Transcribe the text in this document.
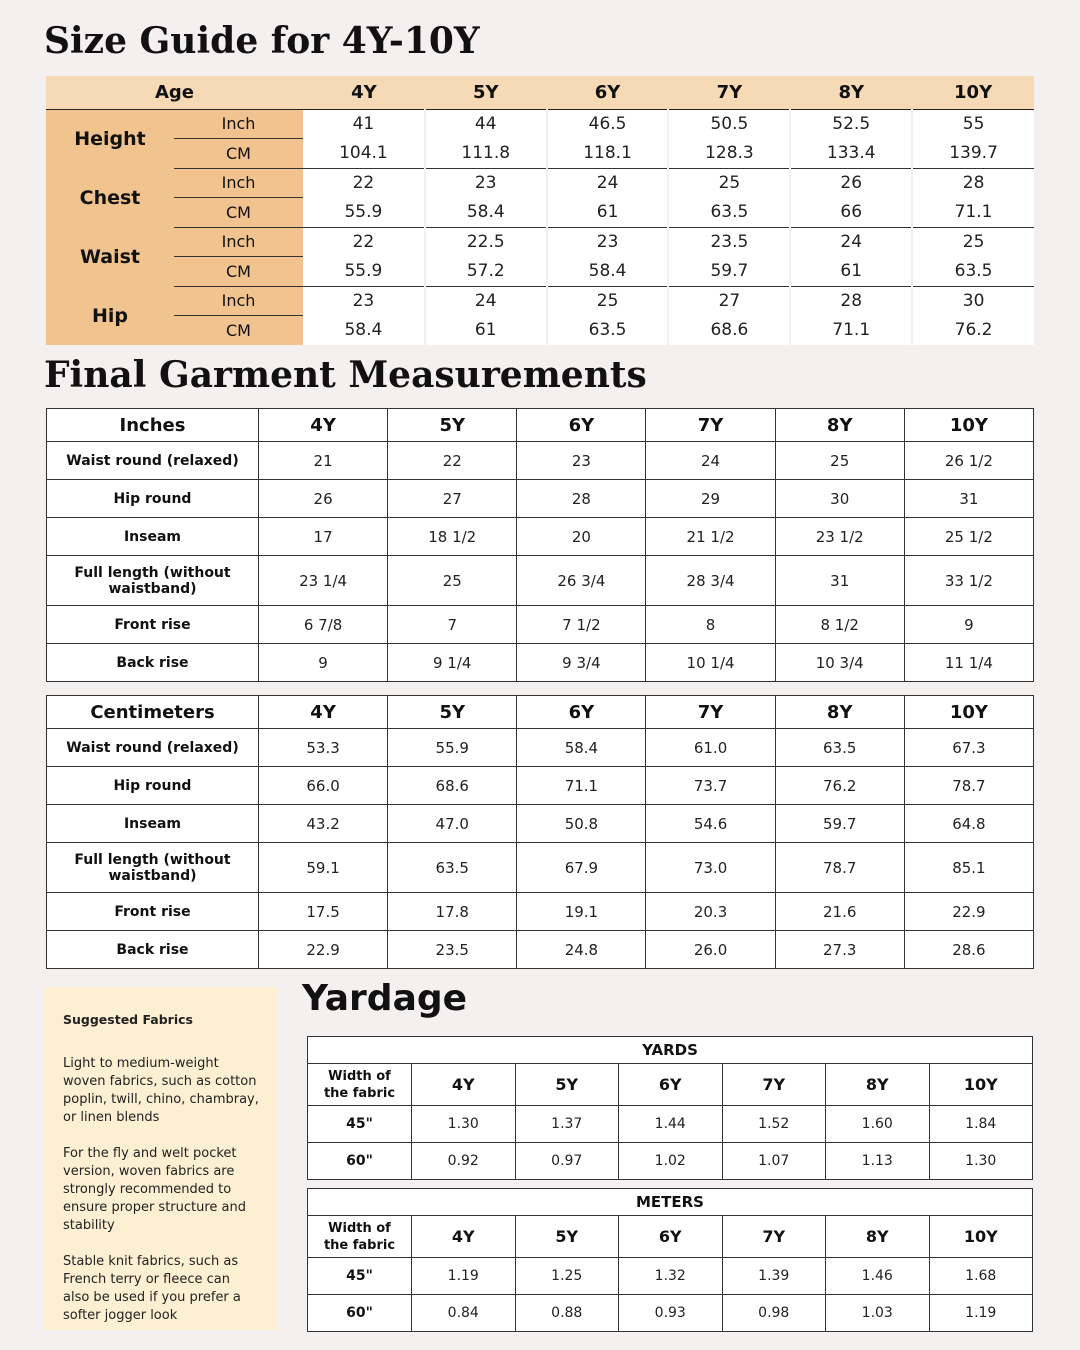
Size Guide for 4Y-10Y
Age		4Y	5Y	6Y	7Y	8Y	10Y
Height	Inch	41	44	46.5	50.5	52.5	55
	CM	104.1	111.8	118.1	128.3	133.4	139.7
Chest	Inch	22	23	24	25	26	28
	CM	55.9	58.4	61	63.5	66	71.1
Waist	Inch	22	22.5	23	23.5	24	25
	CM	55.9	57.2	58.4	59.7	61	63.5
Hip	Inch	23	24	25	27	28	30
	CM	58.4	61	63.5	68.6	71.1	76.2
Final Garment Measurements
Inches	4Y	5Y	6Y	7Y	8Y	10Y
Waist round (relaxed)	21	22	23	24	25	26 1/2
Hip round	26	27	28	29	30	31
Inseam	17	18 1/2	20	21 1/2	23 1/2	25 1/2
Full length (without waistband)	23 1/4	25	26 3/4	28 3/4	31	33 1/2
Front rise	6 7/8	7	7 1/2	8	8 1/2	9
Back rise	9	9 1/4	9 3/4	10 1/4	10 3/4	11 1/4
Centimeters	4Y	5Y	6Y	7Y	8Y	10Y
Waist round (relaxed)	53.3	55.9	58.4	61.0	63.5	67.3
Hip round	66.0	68.6	71.1	73.7	76.2	78.7
Inseam	43.2	47.0	50.8	54.6	59.7	64.8
Full length (without waistband)	59.1	63.5	67.9	73.0	78.7	85.1
Front rise	17.5	17.8	19.1	20.3	21.6	22.9
Back rise	22.9	23.5	24.8	26.0	27.3	28.6
Suggested Fabrics

Light to medium-weight woven fabrics, such as cotton poplin, twill, chino, chambray, or linen blends

For the fly and welt pocket version, woven fabrics are strongly recommended to ensure proper structure and stability

Stable knit fabrics, such as French terry or fleece can also be used if you prefer a softer jogger look

Yardage
YARDS						
Width of
the fabric	4Y	5Y	6Y	7Y	8Y	10Y
45"	1.30	1.37	1.44	1.52	1.60	1.84
60"	0.92	0.97	1.02	1.07	1.13	1.30
METERS						
Width of
the fabric	4Y	5Y	6Y	7Y	8Y	10Y
45"	1.19	1.25	1.32	1.39	1.46	1.68
60"	0.84	0.88	0.93	0.98	1.03	1.19
